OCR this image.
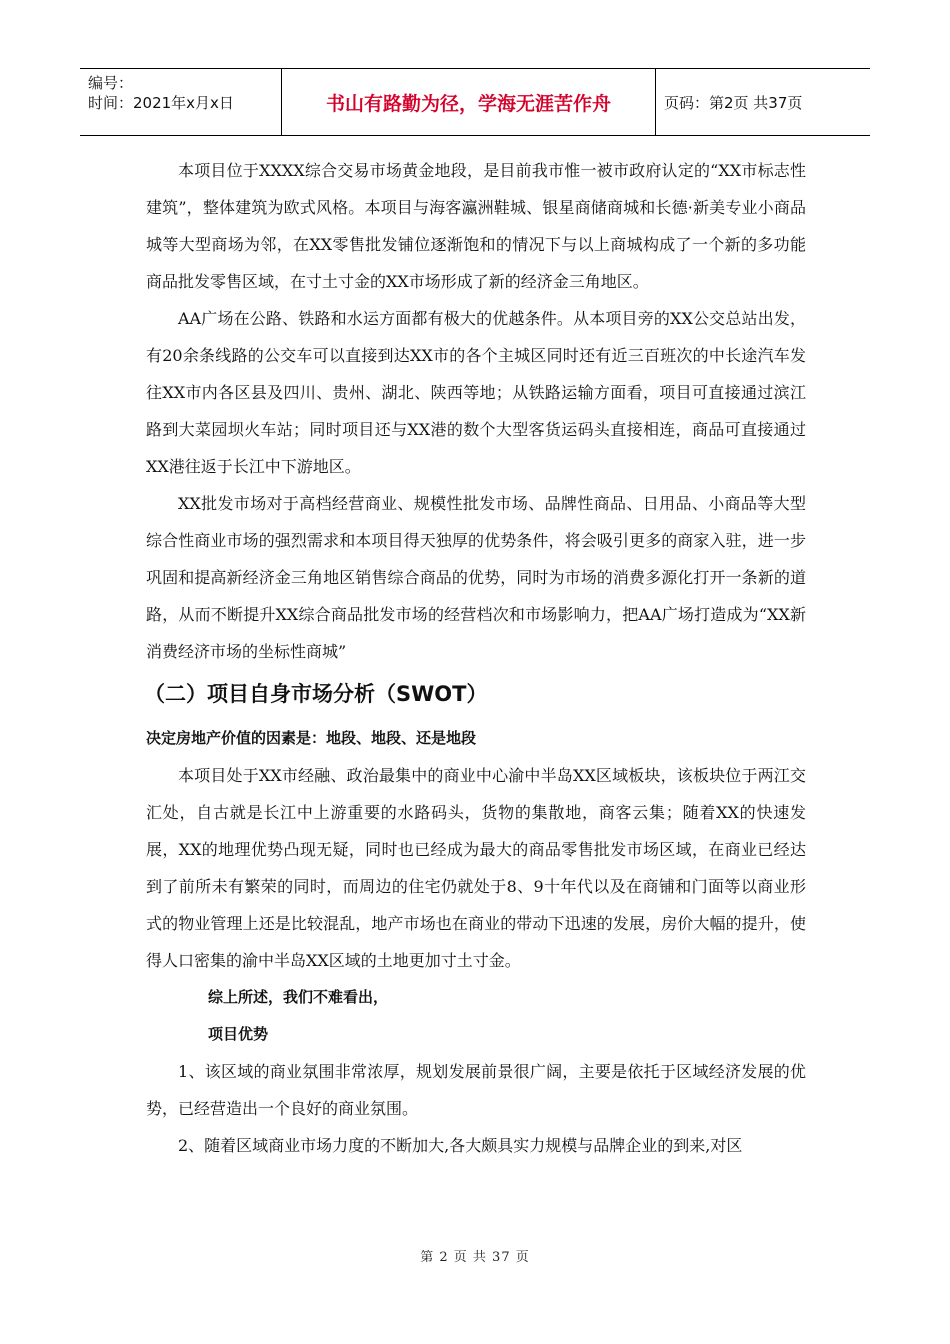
编号：
时间：2021年x月x日	书山有路勤为径，学海无涯苦作舟	页码：第2页 共37页

本项目位于XXXX综合交易市场黄金地段，是目前我市惟一被市政府认定的“XX市标志性建筑”，整体建筑为欧式风格。本项目与海客瀛洲鞋城、银星商储商城和长德·新美专业小商品城等大型商场为邻，在XX零售批发铺位逐渐饱和的情况下与以上商城构成了一个新的多功能商品批发零售区域，在寸土寸金的XX市场形成了新的经济金三角地区。

AA广场在公路、铁路和水运方面都有极大的优越条件。从本项目旁的XX公交总站出发，有20余条线路的公交车可以直接到达XX市的各个主城区同时还有近三百班次的中长途汽车发往XX市内各区县及四川、贵州、湖北、陕西等地；从铁路运输方面看，项目可直接通过滨江路到大菜园坝火车站；同时项目还与XX港的数个大型客货运码头直接相连，商品可直接通过XX港往返于长江中下游地区。

XX批发市场对于高档经营商业、规模性批发市场、品牌性商品、日用品、小商品等大型综合性商业市场的强烈需求和本项目得天独厚的优势条件，将会吸引更多的商家入驻，进一步巩固和提高新经济金三角地区销售综合商品的优势，同时为市场的消费多源化打开一条新的道路，从而不断提升XX综合商品批发市场的经营档次和市场影响力，把AA广场打造成为“XX新消费经济市场的坐标性商城”

（二）项目自身市场分析（SWOT）
决定房地产价值的因素是：地段、地段、还是地段

本项目处于XX市经融、政治最集中的商业中心渝中半岛XX区域板块，该板块位于两江交汇处，自古就是长江中上游重要的水路码头，货物的集散地，商客云集；随着XX的快速发展，XX的地理优势凸现无疑，同时也已经成为最大的商品零售批发市场区域，在商业已经达到了前所未有繁荣的同时，而周边的住宅仍就处于8、9十年代以及在商铺和门面等以商业形式的物业管理上还是比较混乱，地产市场也在商业的带动下迅速的发展，房价大幅的提升，使得人口密集的渝中半岛XX区域的土地更加寸土寸金。

综上所述，我们不难看出，
项目优势

1、该区域的商业氛围非常浓厚，规划发展前景很广阔，主要是依托于区域经济发展的优势，已经营造出一个良好的商业氛围。

2、随着区域商业市场力度的不断加大,各大颇具实力规模与品牌企业的到来,对区

第 2 页 共 37 页
